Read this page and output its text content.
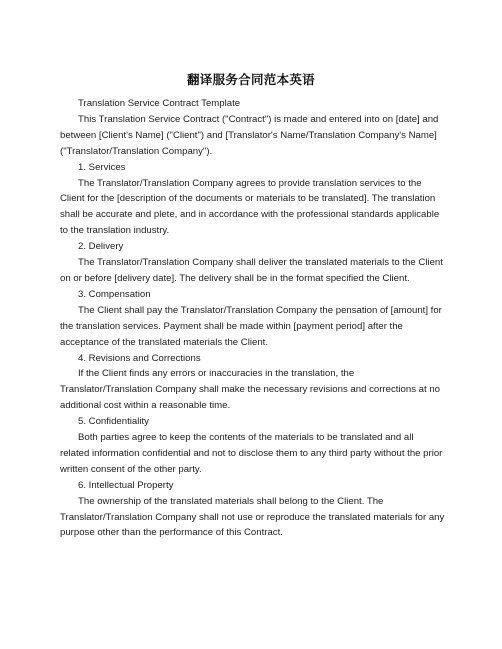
翻译服务合同范本英语

Translation Service Contract Template

This Translation Service Contract ("Contract") is made and entered into on [date] and between [Client's Name] ("Client") and [Translator's Name/Translation Company's Name] ("Translator/Translation Company").

1. Services

The Translator/Translation Company agrees to provide translation services to the Client for the [description of the documents or materials to be translated]. The translation shall be accurate and plete, and in accordance with the professional standards applicable to the translation industry.

2. Delivery

The Translator/Translation Company shall deliver the translated materials to the Client on or before [delivery date]. The delivery shall be in the format specified the Client.

3. Compensation

The Client shall pay the Translator/Translation Company the pensation of [amount] for the translation services. Payment shall be made within [payment period] after the acceptance of the translated materials the Client.

4. Revisions and Corrections

If the Client finds any errors or inaccuracies in the translation, the Translator/Translation Company shall make the necessary revisions and corrections at no additional cost within a reasonable time.

5. Confidentiality

Both parties agree to keep the contents of the materials to be translated and all related information confidential and not to disclose them to any third party without the prior written consent of the other party.

6. Intellectual Property

The ownership of the translated materials shall belong to the Client. The Translator/Translation Company shall not use or reproduce the translated materials for any purpose other than the performance of this Contract.
